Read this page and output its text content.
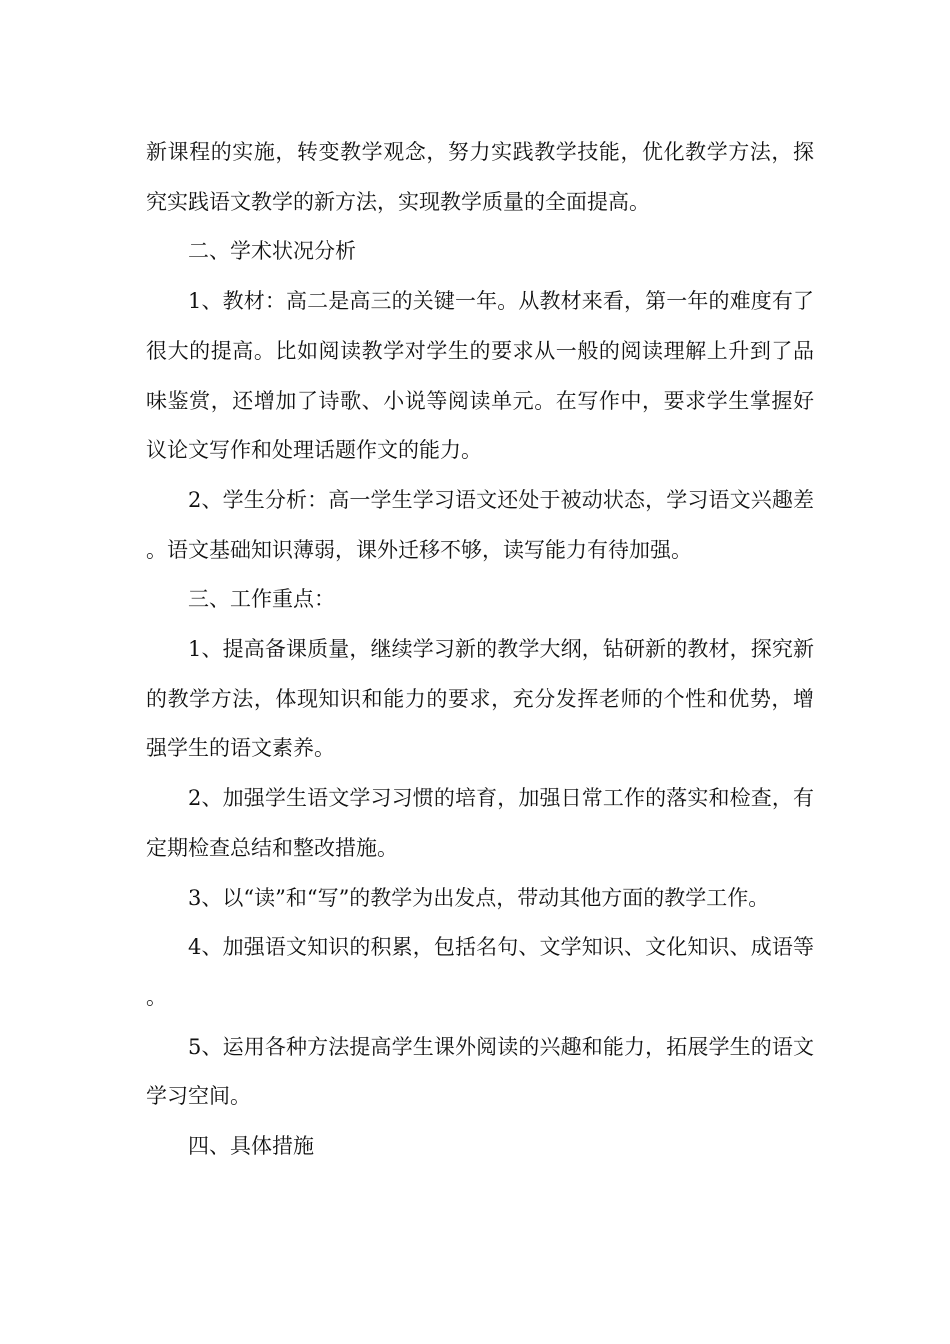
新课程的实施，转变教学观念，努力实践教学技能，优化教学方法，探究实践语文教学的新方法，实现教学质量的全面提高。

二、学术状况分析

1、教材：高二是高三的关键一年。从教材来看，第一年的难度有了很大的提高。比如阅读教学对学生的要求从一般的阅读理解上升到了品味鉴赏，还增加了诗歌、小说等阅读单元。在写作中，要求学生掌握好议论文写作和处理话题作文的能力。

2、学生分析：高一学生学习语文还处于被动状态，学习语文兴趣差。语文基础知识薄弱，课外迁移不够，读写能力有待加强。

三、工作重点：

1、提高备课质量，继续学习新的教学大纲，钻研新的教材，探究新的教学方法，体现知识和能力的要求，充分发挥老师的个性和优势，增强学生的语文素养。

2、加强学生语文学习习惯的培育，加强日常工作的落实和检查，有定期检查总结和整改措施。

3、以“读”和“写”的教学为出发点，带动其他方面的教学工作。

4、加强语文知识的积累，包括名句、文学知识、文化知识、成语等。

5、运用各种方法提高学生课外阅读的兴趣和能力，拓展学生的语文学习空间。

四、具体措施
